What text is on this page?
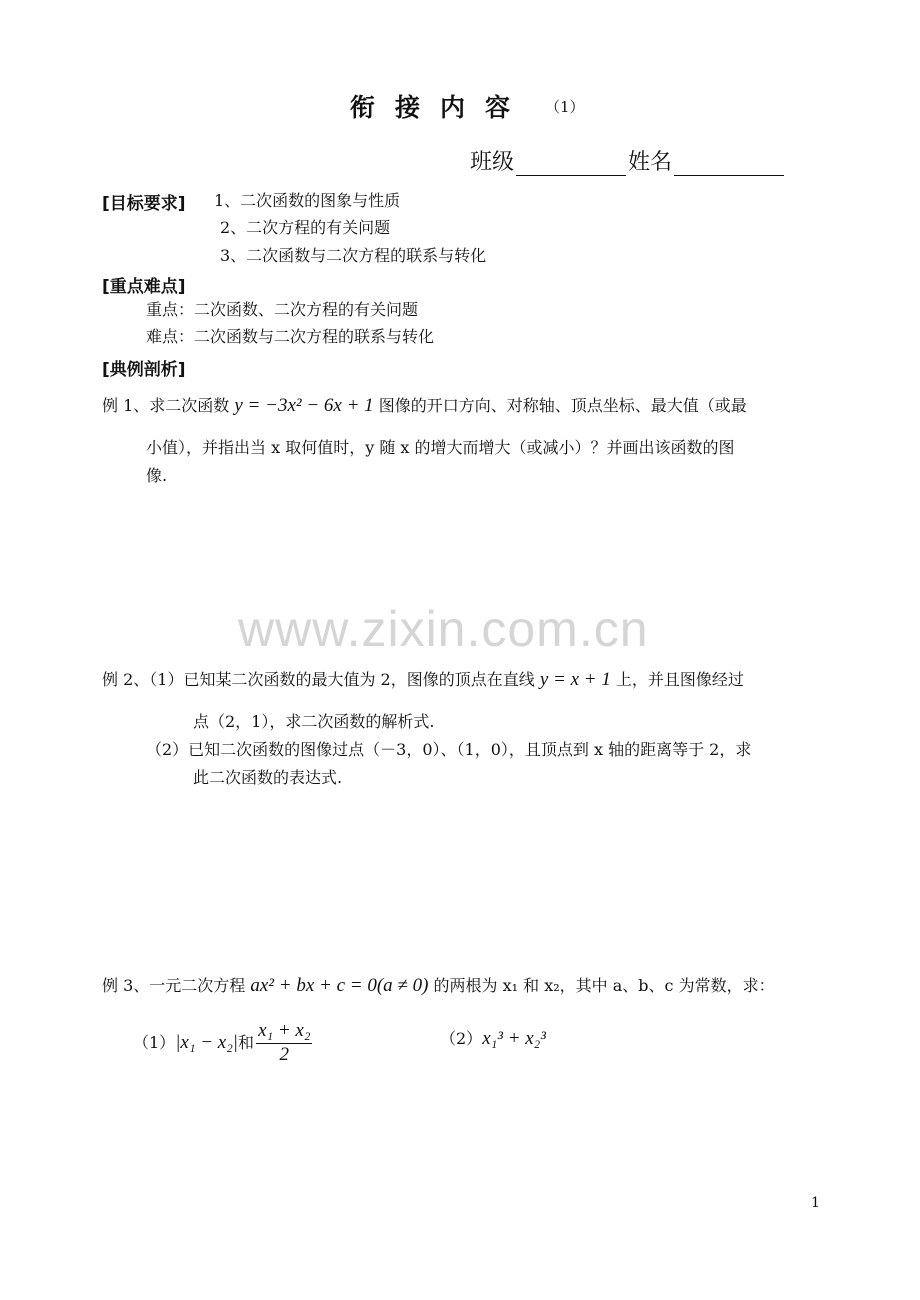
衔接内容 （1）
班级	姓名
[目标要求] 1、二次函数的图象与性质
2、二次方程的有关问题
3、二次函数与二次方程的联系与转化
[重点难点]
重点：二次函数、二次方程的有关问题
难点：二次函数与二次方程的联系与转化
[典例剖析]
例 1、求二次函数 y = −3x² − 6x + 1 图像的开口方向、对称轴、顶点坐标、最大值（或最
小值），并指出当 x 取何值时，y 随 x 的增大而增大（或减小）？并画出该函数的图
像.
www.zixin.com.cn
例 2、（1）已知某二次函数的最大值为 2，图像的顶点在直线 y = x + 1 上，并且图像经过
点（2，1），求二次函数的解析式.
（2）已知二次函数的图像过点（－3，0）、（1，0），且顶点到 x 轴的距离等于 2，求
此二次函数的表达式.
例 3、一元二次方程 ax² + bx + c = 0(a ≠ 0) 的两根为 x₁ 和 x₂，其中 a、b、c 为常数，求：
（1）|x₁ − x₂|和 $\frac{\text{x₁ + x₂}}{2}$	（2）x₁³ + x₂³
1
